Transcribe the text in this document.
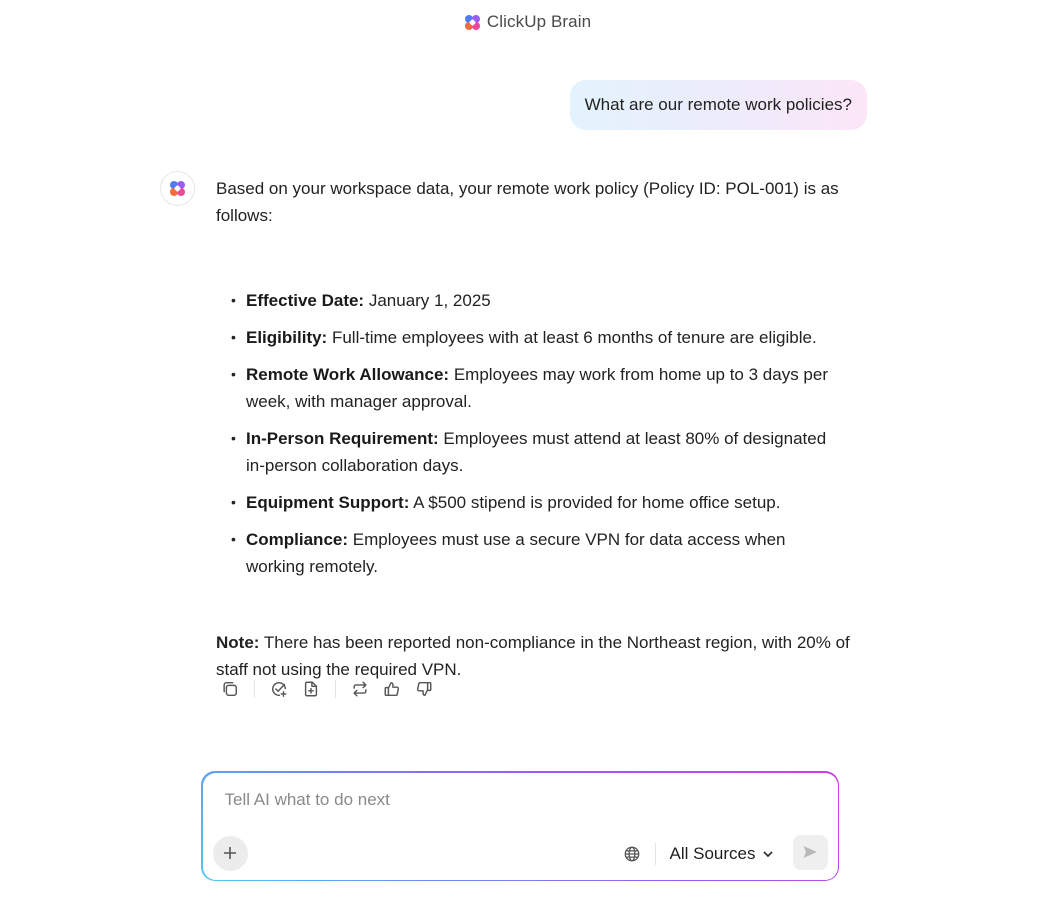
ClickUp Brain
What are our remote work policies?

Based on your workspace data, your remote work policy (Policy ID: POL-001) is as follows:

• Effective Date: January 1, 2025
• Eligibility: Full-time employees with at least 6 months of tenure are eligible.
• Remote Work Allowance: Employees may work from home up to 3 days per week, with manager approval.
• In-Person Requirement: Employees must attend at least 80% of designated in-person collaboration days.
• Equipment Support: A $500 stipend is provided for home office setup.
• Compliance: Employees must use a secure VPN for data access when working remotely.

Note: There has been reported non-compliance in the Northeast region, with 20% of staff not using the required VPN.

Tell AI what to do next
All Sources
